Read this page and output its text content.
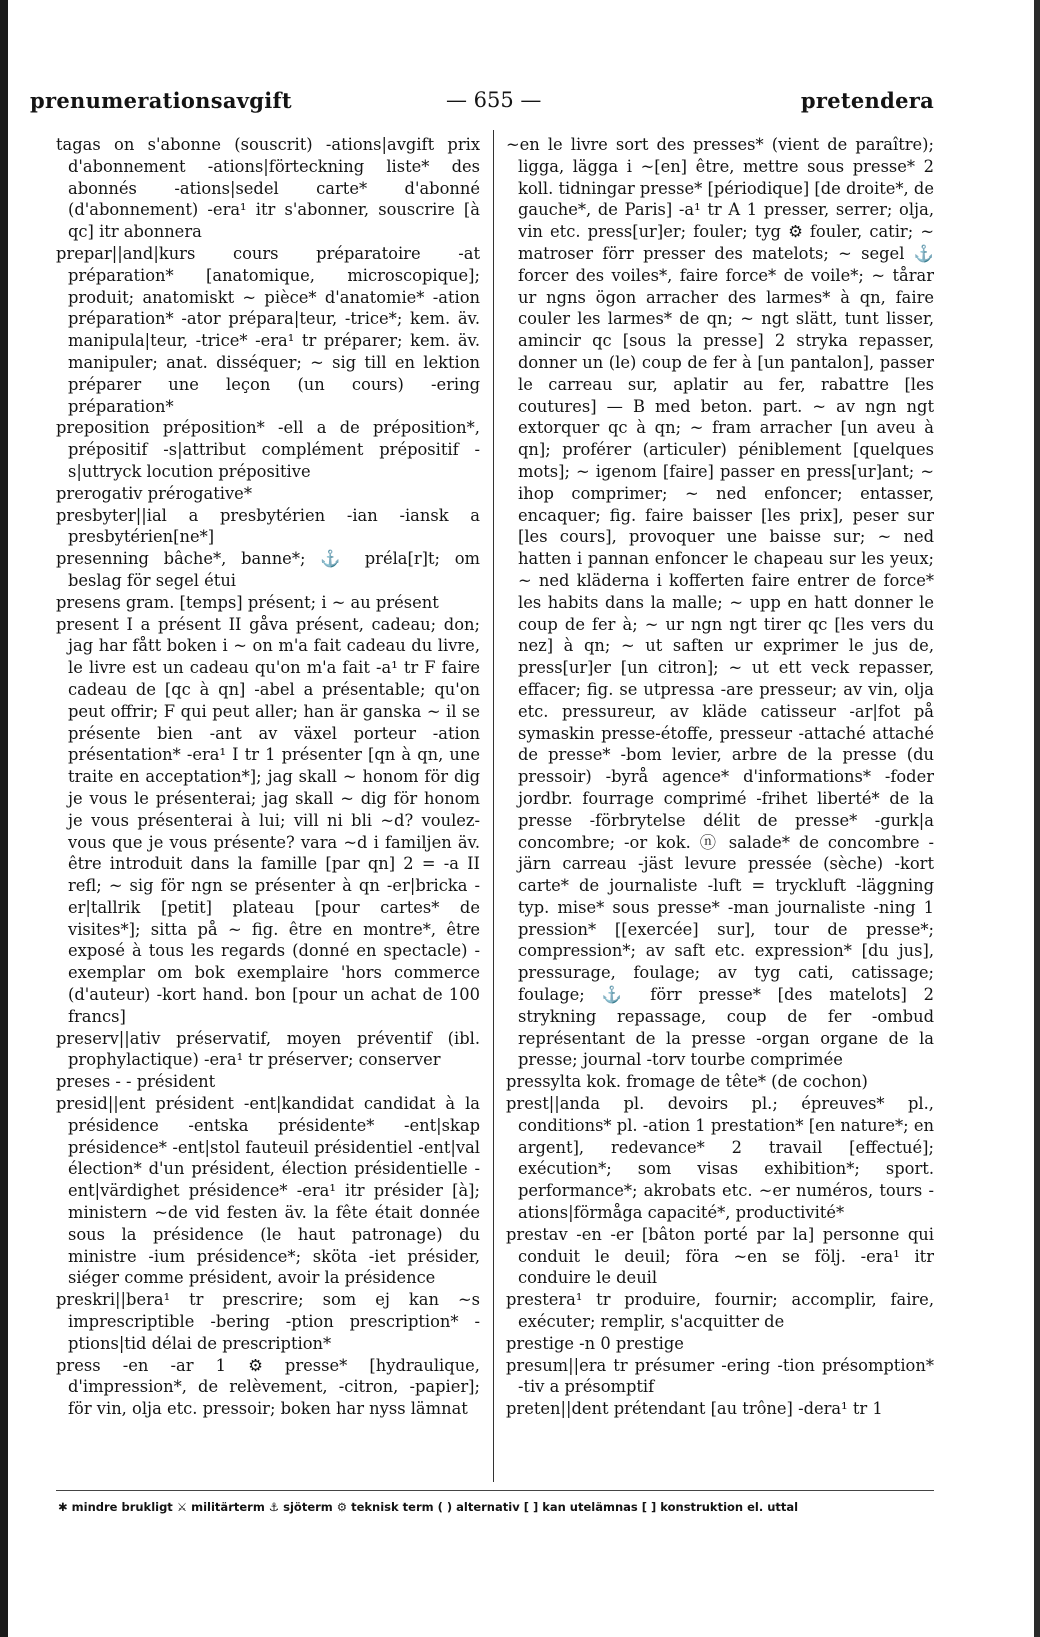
prenumerationsavgift	— 655 —	pretendera

tagas on s'abonne (souscrit) -ations|avgift prix d'abonnement -ations|förteckning liste* des abonnés -ations|sedel carte* d'abonné (d'abonnement) -era¹ itr s'abonner, souscrire [à qc] itr abonnera

prepar||and|kurs cours préparatoire -at préparation* [anatomique, microscopique]; produit; anatomiskt ~ pièce* d'anatomie* -ation préparation* -ator prépara|teur, -trice*; kem. äv. manipula|teur, -trice* -era¹ tr préparer; kem. äv. manipuler; anat. disséquer; ~ sig till en lektion préparer une leçon (un cours) -ering préparation*

preposition préposition* -ell a de préposition*, prépositif -s|attribut complément prépositif -s|uttryck locution prépositive

prerogativ prérogative*

presbyter||ial a presbytérien -ian -iansk a presbytérien[ne*]

presenning bâche*, banne*; ⚓ préla[r]t; om beslag för segel étui

presens gram. [temps] présent; i ~ au présent

present I a présent II gåva présent, cadeau; don; jag har fått boken i ~ on m'a fait cadeau du livre, le livre est un cadeau qu'on m'a fait -a¹ tr F faire cadeau de [qc à qn] -abel a présentable; qu'on peut offrir; F qui peut aller; han är ganska ~ il se présente bien -ant av växel porteur -ation présentation* -era¹ I tr 1 présenter [qn à qn, une traite en acceptation*]; jag skall ~ honom för dig je vous le présenterai; jag skall ~ dig för honom je vous présenterai à lui; vill ni bli ~d? voulez-vous que je vous présente? vara ~d i familjen äv. être introduit dans la famille [par qn] 2 = -a II refl; ~ sig för ngn se présenter à qn -er|bricka -er|tallrik [petit] plateau [pour cartes* de visites*]; sitta på ~ fig. être en montre*, être exposé à tous les regards (donné en spectacle) -exemplar om bok exemplaire 'hors commerce (d'auteur) -kort hand. bon [pour un achat de 100 francs]

preserv||ativ préservatif, moyen préventif (ibl. prophylactique) -era¹ tr préserver; conserver

preses - - président

presid||ent président -ent|kandidat candidat à la présidence -entska présidente* -ent|skap présidence* -ent|stol fauteuil présidentiel -ent|val élection* d'un président, élection présidentielle -ent|värdighet présidence* -era¹ itr présider [à]; ministern ~de vid festen äv. la fête était donnée sous la présidence (le haut patronage) du ministre -ium présidence*; sköta -iet présider, siéger comme président, avoir la présidence

preskri||bera¹ tr prescrire; som ej kan ~s imprescriptible -bering -ption prescription* -ptions|tid délai de prescription*

press -en -ar 1 ⚙ presse* [hydraulique, d'impression*, de relèvement, -citron, -papier]; för vin, olja etc. pressoir; boken har nyss lämnat

~en le livre sort des presses* (vient de paraître); ligga, lägga i ~[en] être, mettre sous presse* 2 koll. tidningar presse* [périodique] [de droite*, de gauche*, de Paris] -a¹ tr A 1 presser, serrer; olja, vin etc. press[ur]er; fouler; tyg ⚙ fouler, catir; ~ matroser förr presser des matelots; ~ segel ⚓ forcer des voiles*, faire force* de voile*; ~ tårar ur ngns ögon arracher des larmes* à qn, faire couler les larmes* de qn; ~ ngt slätt, tunt lisser, amincir qc [sous la presse] 2 stryka repasser, donner un (le) coup de fer à [un pantalon], passer le carreau sur, aplatir au fer, rabattre [les coutures] — B med beton. part. ~ av ngn ngt extorquer qc à qn; ~ fram arracher [un aveu à qn]; proférer (articuler) péniblement [quelques mots]; ~ igenom [faire] passer en press[ur]ant; ~ ihop comprimer; ~ ned enfoncer; entasser, encaquer; fig. faire baisser [les prix], peser sur [les cours], provoquer une baisse sur; ~ ned hatten i pannan enfoncer le chapeau sur les yeux; ~ ned kläderna i kofferten faire entrer de force* les habits dans la malle; ~ upp en hatt donner le coup de fer à; ~ ur ngn ngt tirer qc [les vers du nez] à qn; ~ ut saften ur exprimer le jus de, press[ur]er [un citron]; ~ ut ett veck repasser, effacer; fig. se utpressa -are presseur; av vin, olja etc. pressureur, av kläde catisseur -ar|fot på symaskin presse-étoffe, presseur -attaché attaché de presse* -bom levier, arbre de la presse (du pressoir) -byrå agence* d'informations* -foder jordbr. fourrage comprimé -frihet liberté* de la presse -förbrytelse délit de presse* -gurk|a concombre; -or kok. ⓝ salade* de concombre -järn carreau -jäst levure pressée (sèche) -kort carte* de journaliste -luft = tryckluft -läggning typ. mise* sous presse* -man journaliste -ning 1 pression* [[exercée] sur], tour de presse*; compression*; av saft etc. expression* [du jus], pressurage, foulage; av tyg cati, catissage; foulage; ⚓ förr presse* [des matelots] 2 strykning repassage, coup de fer -ombud représentant de la presse -organ organe de la presse; journal -torv tourbe comprimée

pressylta kok. fromage de tête* (de cochon)

prest||anda pl. devoirs pl.; épreuves* pl., conditions* pl. -ation 1 prestation* [en nature*; en argent], redevance* 2 travail [effectué]; exécution*; som visas exhibition*; sport. performance*; akrobats etc. ~er numéros, tours -ations|förmåga capacité*, productivité*

prestav -en -er [bâton porté par la] personne qui conduit le deuil; föra ~en se följ. -era¹ itr conduire le deuil

prestera¹ tr produire, fournir; accomplir, faire, exécuter; remplir, s'acquitter de

prestige -n 0 prestige

presum||era tr présumer -ering -tion présomption* -tiv a présomptif

preten||dent prétendant [au trône] -dera¹ tr 1

✱ mindre brukligt ⚔ militärterm ⚓ sjöterm ⚙ teknisk term ( ) alternativ [ ] kan utelämnas [ ] konstruktion el. uttal
